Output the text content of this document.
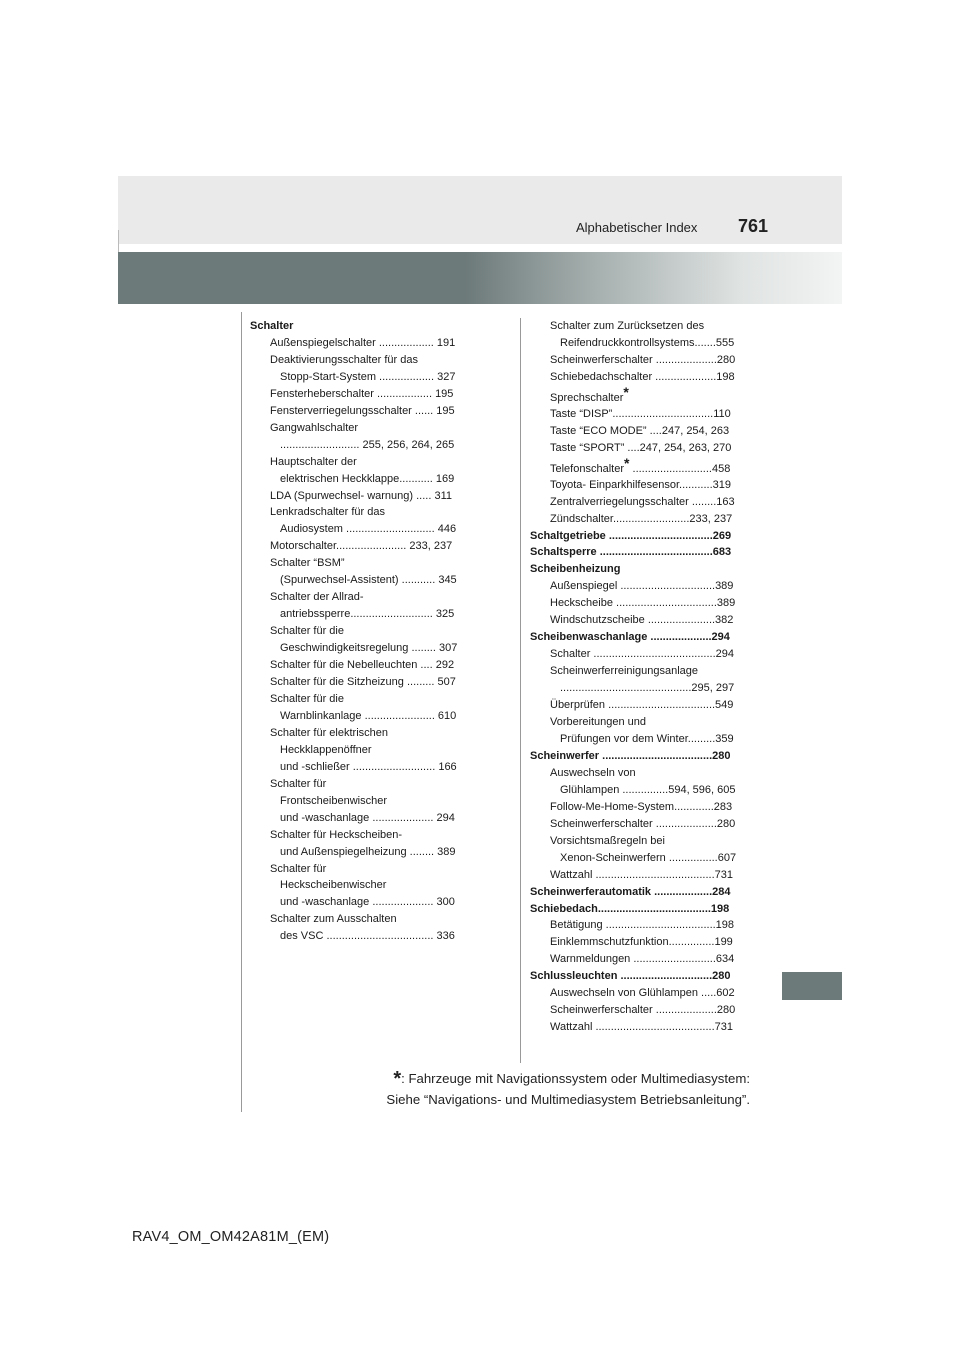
Alphabetischer Index 761
Schalter
Außenspiegelschalter .................. 191
Deaktivierungsschalter für das
Stopp-Start-System .................. 327
Fensterheberschalter .................. 195
Fensterverriegelungsschalter ...... 195
Gangwahlschalter
.......................... 255, 256, 264, 265
Hauptschalter der
elektrischen Heckklappe........... 169
LDA (Spurwechsel- warnung) ..... 311
Lenkradschalter für das
Audiosystem ............................. 446
Motorschalter....................... 233, 237
Schalter “BSM”
(Spurwechsel-Assistent) ........... 345
Schalter der Allrad-
antriebssperre........................... 325
Schalter für die
Geschwindigkeitsregelung ........ 307
Schalter für die Nebelleuchten .... 292
Schalter für die Sitzheizung ......... 507
Schalter für die
Warnblinkanlage ....................... 610
Schalter für elektrischen
Heckklappenöffner
und -schließer ........................... 166
Schalter für
Frontscheibenwischer
und -waschanlage .................... 294
Schalter für Heckscheiben-
und Außenspiegelheizung ........ 389
Schalter für
Heckscheibenwischer
und -waschanlage .................... 300
Schalter zum Ausschalten
des VSC ................................... 336
Schalter zum Zurücksetzen des
Reifendruckkontrollsystems.......555
Scheinwerferschalter ....................280
Schiebedachschalter ....................198
Sprechschalter*
Taste “DISP”.................................110
Taste “ECO MODE” ....247, 254, 263
Taste “SPORT” ....247, 254, 263, 270
Telefonschalter* ..........................458
Toyota- Einparkhilfesensor...........319
Zentralverriegelungsschalter ........163
Zündschalter.........................233, 237
Schaltgetriebe ..................................269
Schaltsperre .....................................683
Scheibenheizung
Außenspiegel ...............................389
Heckscheibe .................................389
Windschutzscheibe ......................382
Scheibenwaschanlage ....................294
Schalter ........................................294
Scheinwerferreinigungsanlage
...........................................295, 297
Überprüfen ...................................549
Vorbereitungen und
Prüfungen vor dem Winter.........359
Scheinwerfer ....................................280
Auswechseln von
Glühlampen ...............594, 596, 605
Follow-Me-Home-System.............283
Scheinwerferschalter ....................280
Vorsichtsmaßregeln bei
Xenon-Scheinwerfern ................607
Wattzahl .......................................731
Scheinwerferautomatik ...................284
Schiebedach.....................................198
Betätigung ....................................198
Einklemmschutzfunktion...............199
Warnmeldungen ...........................634
Schlussleuchten ..............................280
Auswechseln von Glühlampen .....602
Scheinwerferschalter ....................280
Wattzahl .......................................731
*: Fahrzeuge mit Navigationssystem oder Multimediasystem:
Siehe “Navigations- und Multimediasystem Betriebsanleitung”.
RAV4_OM_OM42A81M_(EM)
